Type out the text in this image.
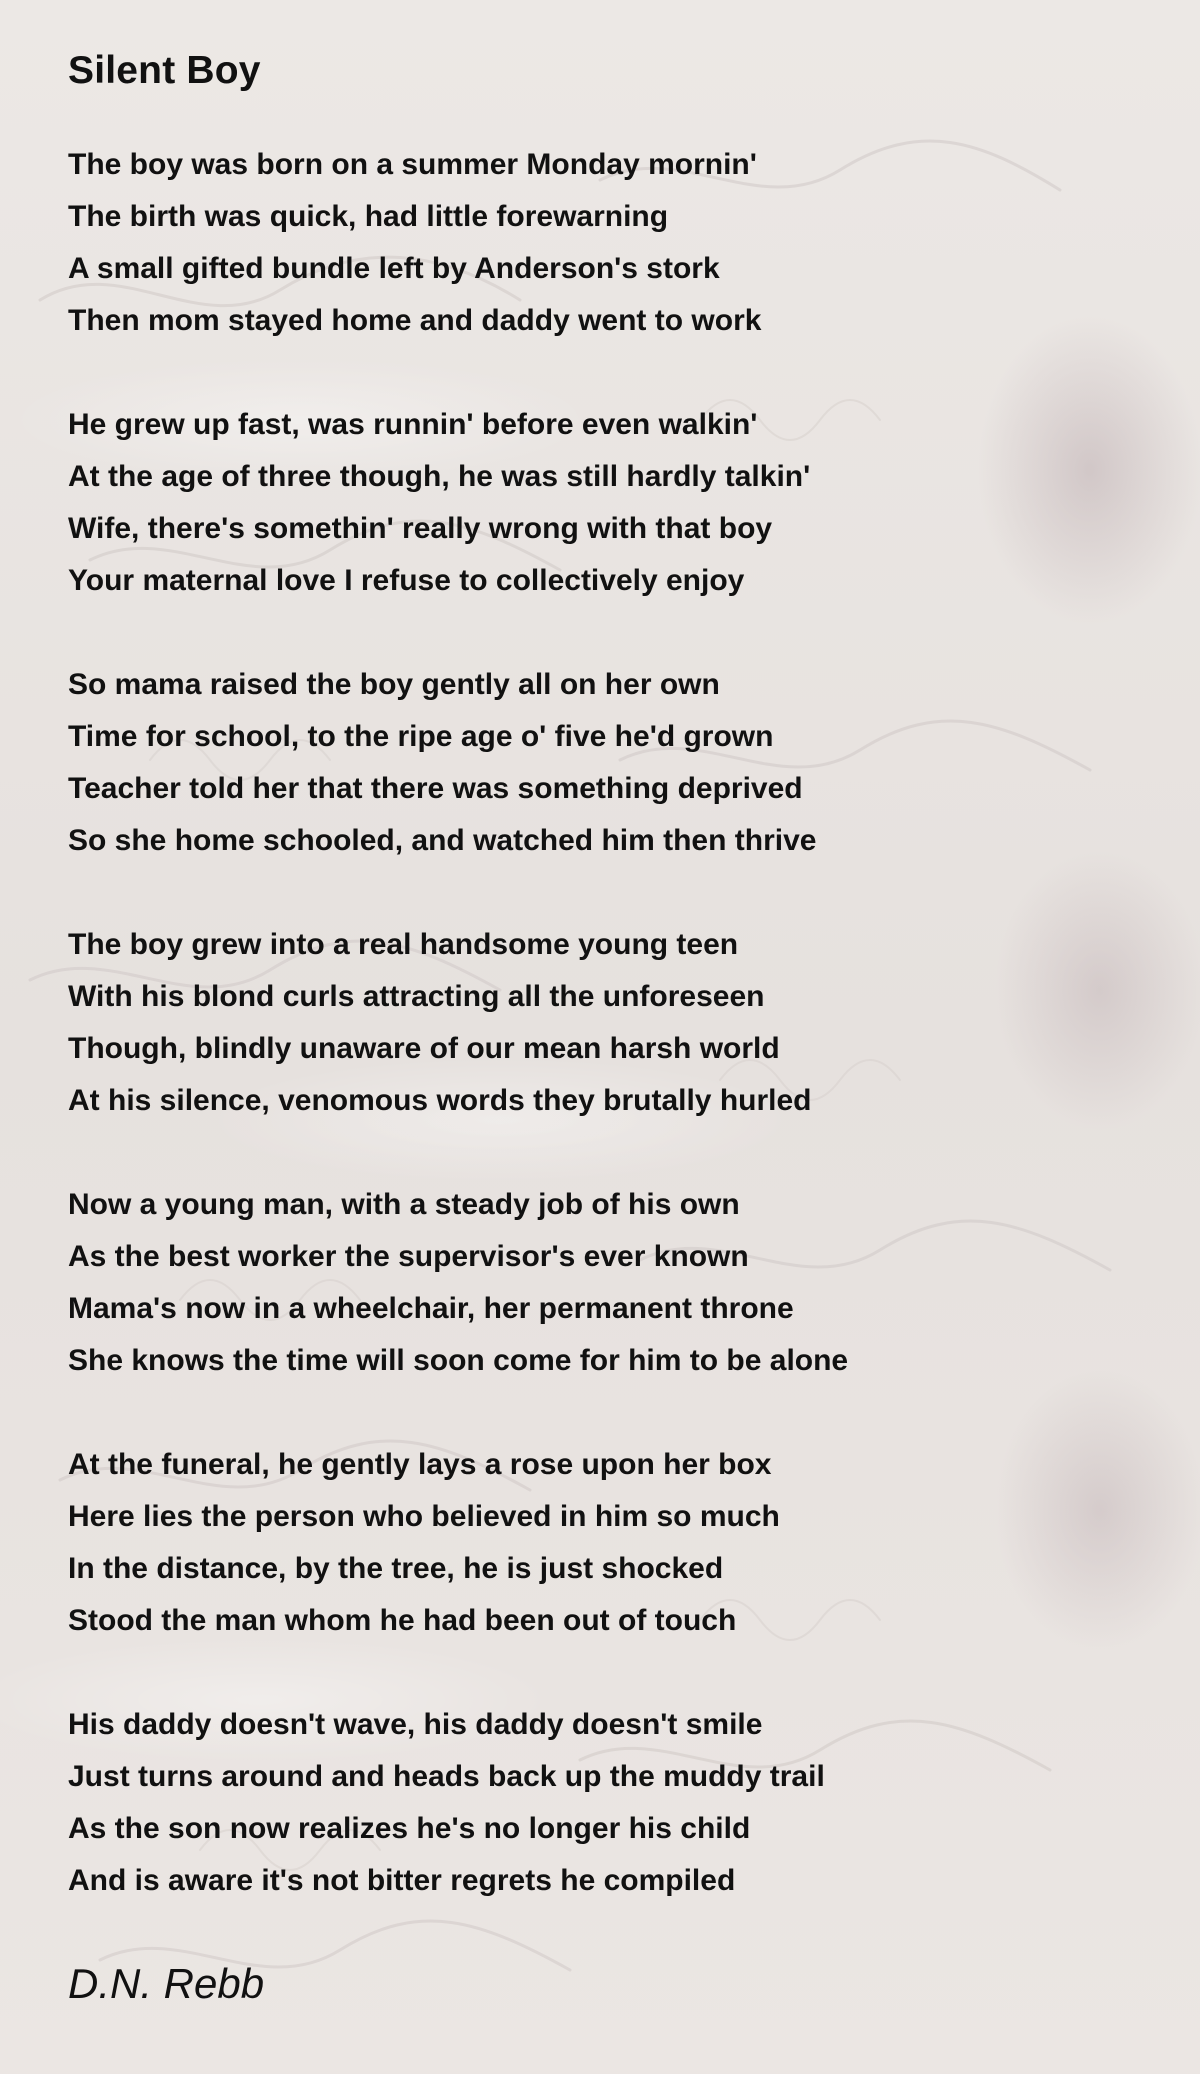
Silent Boy
The boy was born on a summer Monday mornin'
The birth was quick, had little forewarning
A small gifted bundle left by Anderson's stork
Then mom stayed home and daddy went to work
He grew up fast, was runnin' before even walkin'
At the age of three though, he was still hardly talkin'
Wife, there's somethin' really wrong with that boy
Your maternal love I refuse to collectively enjoy
So mama raised the boy gently all on her own
Time for school, to the ripe age o' five he'd grown
Teacher told her that there was something deprived
So she home schooled, and watched him then thrive
The boy grew into a real handsome young teen
With his blond curls attracting all the unforeseen
Though, blindly unaware of our mean harsh world
At his silence, venomous words they brutally hurled
Now a young man, with a steady job of his own
As the best worker the supervisor's ever known
Mama's now in a wheelchair, her permanent throne
She knows the time will soon come for him to be alone
At the funeral, he gently lays a rose upon her box
Here lies the person who believed in him so much
In the distance, by the tree, he is just shocked
Stood the man whom he had been out of touch
His daddy doesn't wave, his daddy doesn't smile
Just turns around and heads back up the muddy trail
As the son now realizes he's no longer his child
And is aware it's not bitter regrets he compiled
D.N. Rebb
